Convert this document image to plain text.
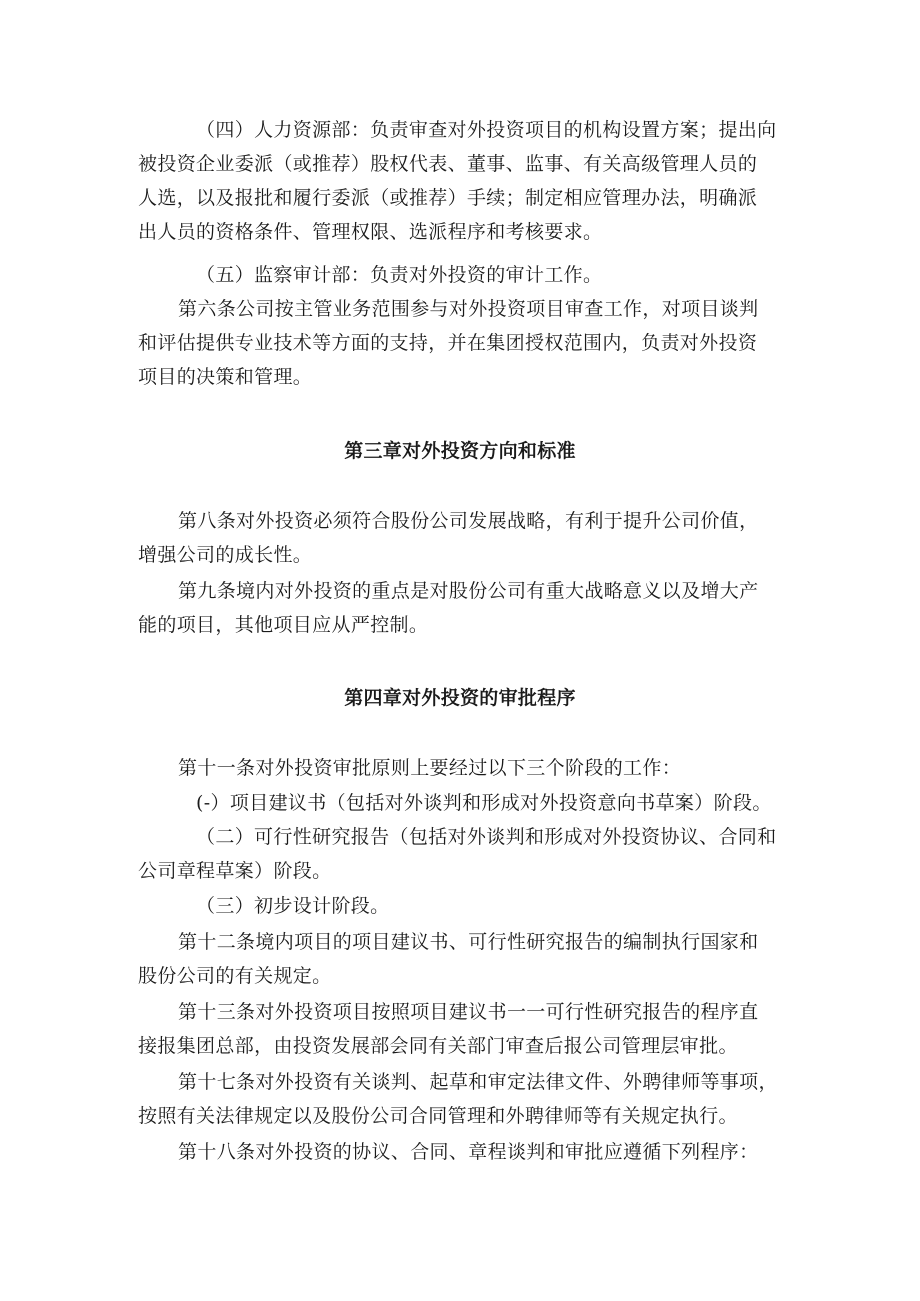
（四）人力资源部：负责审查对外投资项目的机构设置方案；提出向
被投资企业委派（或推荐）股权代表、董事、监事、有关高级管理人员的
人选，以及报批和履行委派（或推荐）手续；制定相应管理办法，明确派
出人员的资格条件、管理权限、选派程序和考核要求。
（五）监察审计部：负责对外投资的审计工作。
第六条公司按主管业务范围参与对外投资项目审查工作，对项目谈判
和评估提供专业技术等方面的支持，并在集团授权范围内，负责对外投资
项目的决策和管理。
第三章对外投资方向和标准
第八条对外投资必须符合股份公司发展战略，有利于提升公司价值，
增强公司的成长性。
第九条境内对外投资的重点是对股份公司有重大战略意义以及增大产
能的项目，其他项目应从严控制。
第四章对外投资的审批程序
第十一条对外投资审批原则上要经过以下三个阶段的工作：
(-）项目建议书（包括对外谈判和形成对外投资意向书草案）阶段。
（二）可行性研究报告（包括对外谈判和形成对外投资协议、合同和
公司章程草案）阶段。
（三）初步设计阶段。
第十二条境内项目的项目建议书、可行性研究报告的编制执行国家和
股份公司的有关规定。
第十三条对外投资项目按照项目建议书一一可行性研究报告的程序直
接报集团总部，由投资发展部会同有关部门审查后报公司管理层审批。
第十七条对外投资有关谈判、起草和审定法律文件、外聘律师等事项，
按照有关法律规定以及股份公司合同管理和外聘律师等有关规定执行。
第十八条对外投资的协议、合同、章程谈判和审批应遵循下列程序：
